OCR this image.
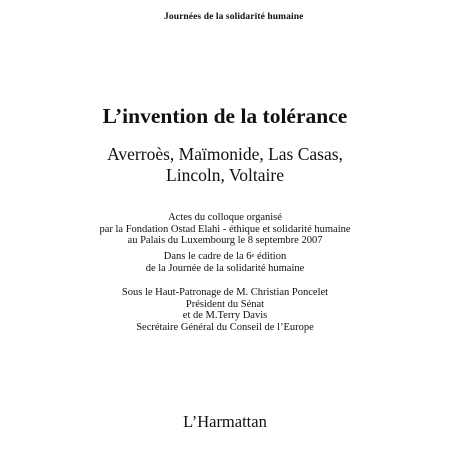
Journées de la solidarité humaine
L’invention de la tolérance
Averroès, Maïmonide, Las Casas,
Lincoln, Voltaire
Actes du colloque organisé
par la Fondation Ostad Elahi - éthique et solidarité humaine
au Palais du Luxembourg le 8 septembre 2007
Dans le cadre de la 6e édition
de la Journée de la solidarité humaine
Sous le Haut-Patronage de M. Christian Poncelet
Président du Sénat
et de M.Terry Davis
Secrétaire Général du Conseil de l’Europe
L’Harmattan
